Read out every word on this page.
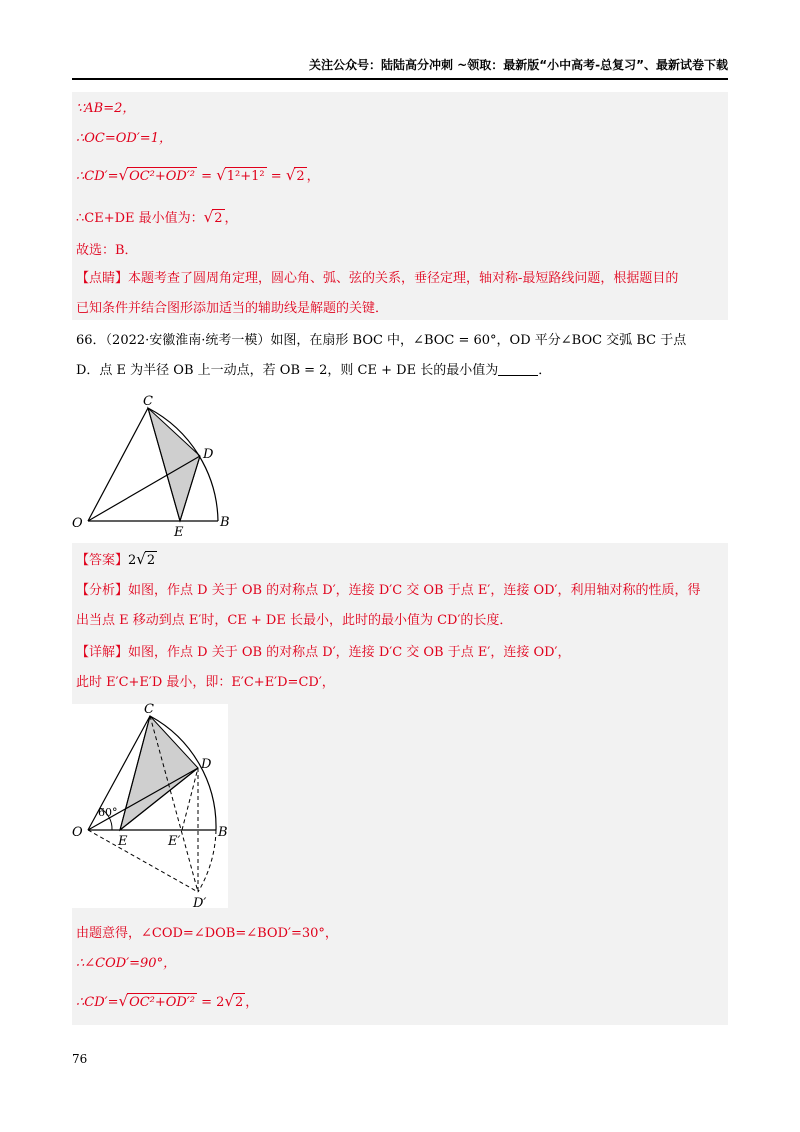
关注公众号：陆陆高分冲刺 ~领取：最新版“小中高考-总复习”、最新试卷下载
∵AB=2，
∴OC=OD′=1，
∴CD′=√OC²+OD′² = √1²+1² = √2 ，
∴CE+DE 最小值为：√2 ，
故选：B．
【点睛】本题考查了圆周角定理，圆心角、弧、弦的关系，垂径定理，轴对称-最短路线问题，根据题目的
已知条件并结合图形添加适当的辅助线是解题的关键．
66．（2022·安徽淮南·统考一模）如图，在扇形 BOC 中，∠BOC = 60°，OD 平分∠BOC 交弧 BC 于点
D．点 E 为半径 OB 上一动点，若 OB = 2，则 CE + DE 长的最小值为	．
C
D
O
E
B
【答案】2√2
【分析】如图，作点 D 关于 OB 的对称点 D′，连接 D′C 交 OB 于点 E′，连接 OD′，利用轴对称的性质，得
出当点 E 移动到点 E′时，CE + DE 长最小，此时的最小值为 CD′的长度．
【详解】如图，作点 D 关于 OB 的对称点 D′，连接 D′C 交 OB 于点 E′，连接 OD′，
此时 E′C+E′D 最小，即：E′C+E′D=CD′，
60°
C
D
O
E	E′
B
D′
由题意得，∠COD=∠DOB=∠BOD′=30°，
∴∠COD′=90°，
∴CD′=√OC²+OD′² = 2√2 ，
76
